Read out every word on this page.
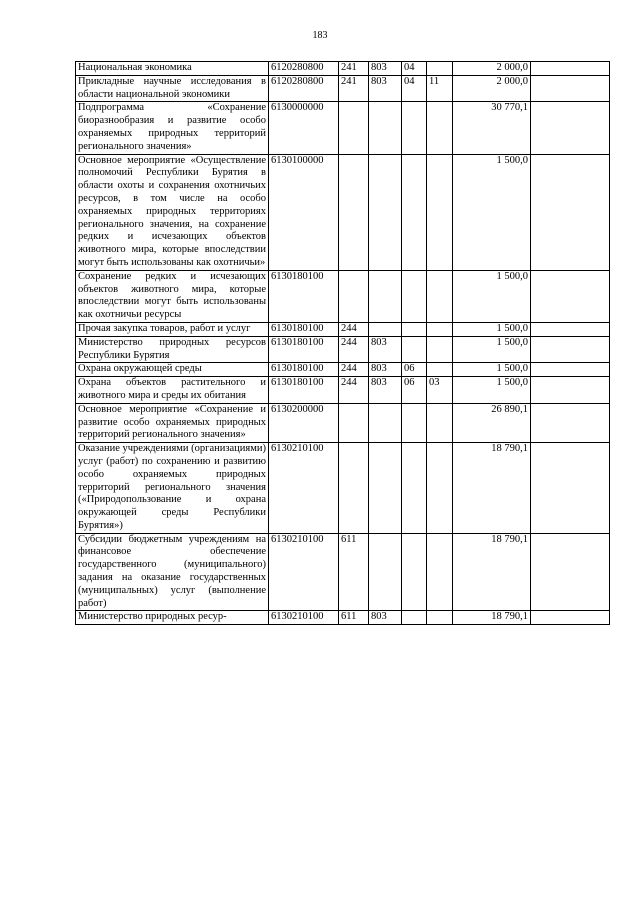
183
Национальная экономика	6120280800	241	803	04		2 000,0	
Прикладные научные исследования в области национальной экономики	6120280800	241	803	04	11	2 000,0	
Подпрограмма «Сохранение биоразнообразия и развитие особо охраняемых природных территорий регионального значения»	6130000000					30 770,1	
Основное мероприятие «Осуществление полномочий Республики Бурятия в области охоты и сохранения охотничьих ресурсов, в том числе на особо охраняемых природных территориях регионального значения, на сохранение редких и исчезающих объектов животного мира, которые впоследствии могут быть использованы как охотничьи»	6130100000					1 500,0	
Сохранение редких и исчезающих объектов животного мира, которые впоследствии могут быть использованы как охотничьи ресурсы	6130180100					1 500,0	
Прочая закупка товаров, работ и услуг	6130180100	244				1 500,0	
Министерство природных ресурсов Республики Бурятия	6130180100	244	803			1 500,0	
Охрана окружающей среды	6130180100	244	803	06		1 500,0	
Охрана объектов растительного и животного мира и среды их обитания	6130180100	244	803	06	03	1 500,0	
Основное мероприятие «Сохранение и развитие особо охраняемых природных территорий регионального значения»	6130200000					26 890,1	
Оказание учреждениями (организациями) услуг (работ) по сохранению и развитию особо охраняемых природных территорий регионального значения («Природопользование и охрана окружающей среды Республики Бурятия»)	6130210100					18 790,1	
Субсидии бюджетным учреждениям на финансовое обеспечение государственного (муниципального) задания на оказание государственных (муниципальных) услуг (выполнение работ)	6130210100	611				18 790,1	
Министерство природных ресур-	6130210100	611	803			18 790,1	
